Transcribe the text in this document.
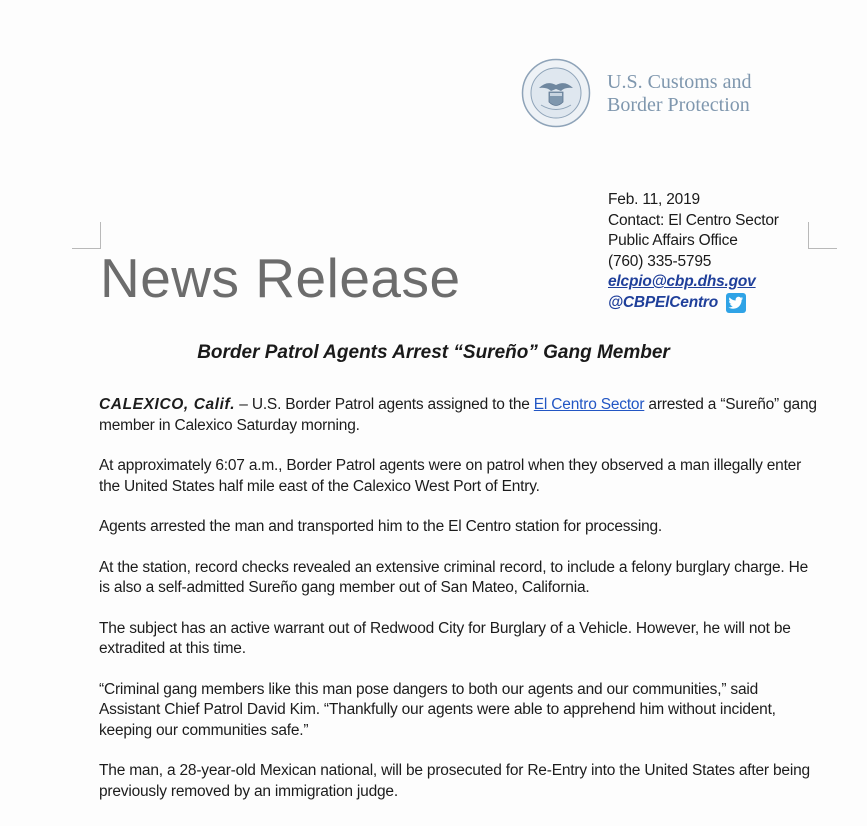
U.S. Customs and
Border Protection
Feb. 11, 2019
Contact: El Centro Sector
Public Affairs Office
(760) 335-5795
elcpio@cbp.dhs.gov
@CBPElCentro
News Release
Border Patrol Agents Arrest “Sureño” Gang Member

CALEXICO, Calif. – U.S. Border Patrol agents assigned to the El Centro Sector arrested a “Sureño” gang member in Calexico Saturday morning.

At approximately 6:07 a.m., Border Patrol agents were on patrol when they observed a man illegally enter the United States half mile east of the Calexico West Port of Entry.

Agents arrested the man and transported him to the El Centro station for processing.

At the station, record checks revealed an extensive criminal record, to include a felony burglary charge. He is also a self-admitted Sureño gang member out of San Mateo, California.

The subject has an active warrant out of Redwood City for Burglary of a Vehicle. However, he will not be extradited at this time.

“Criminal gang members like this man pose dangers to both our agents and our communities,” said Assistant Chief Patrol David Kim. “Thankfully our agents were able to apprehend him without incident, keeping our communities safe.”

The man, a 28-year-old Mexican national, will be prosecuted for Re-Entry into the United States after being previously removed by an immigration judge.
